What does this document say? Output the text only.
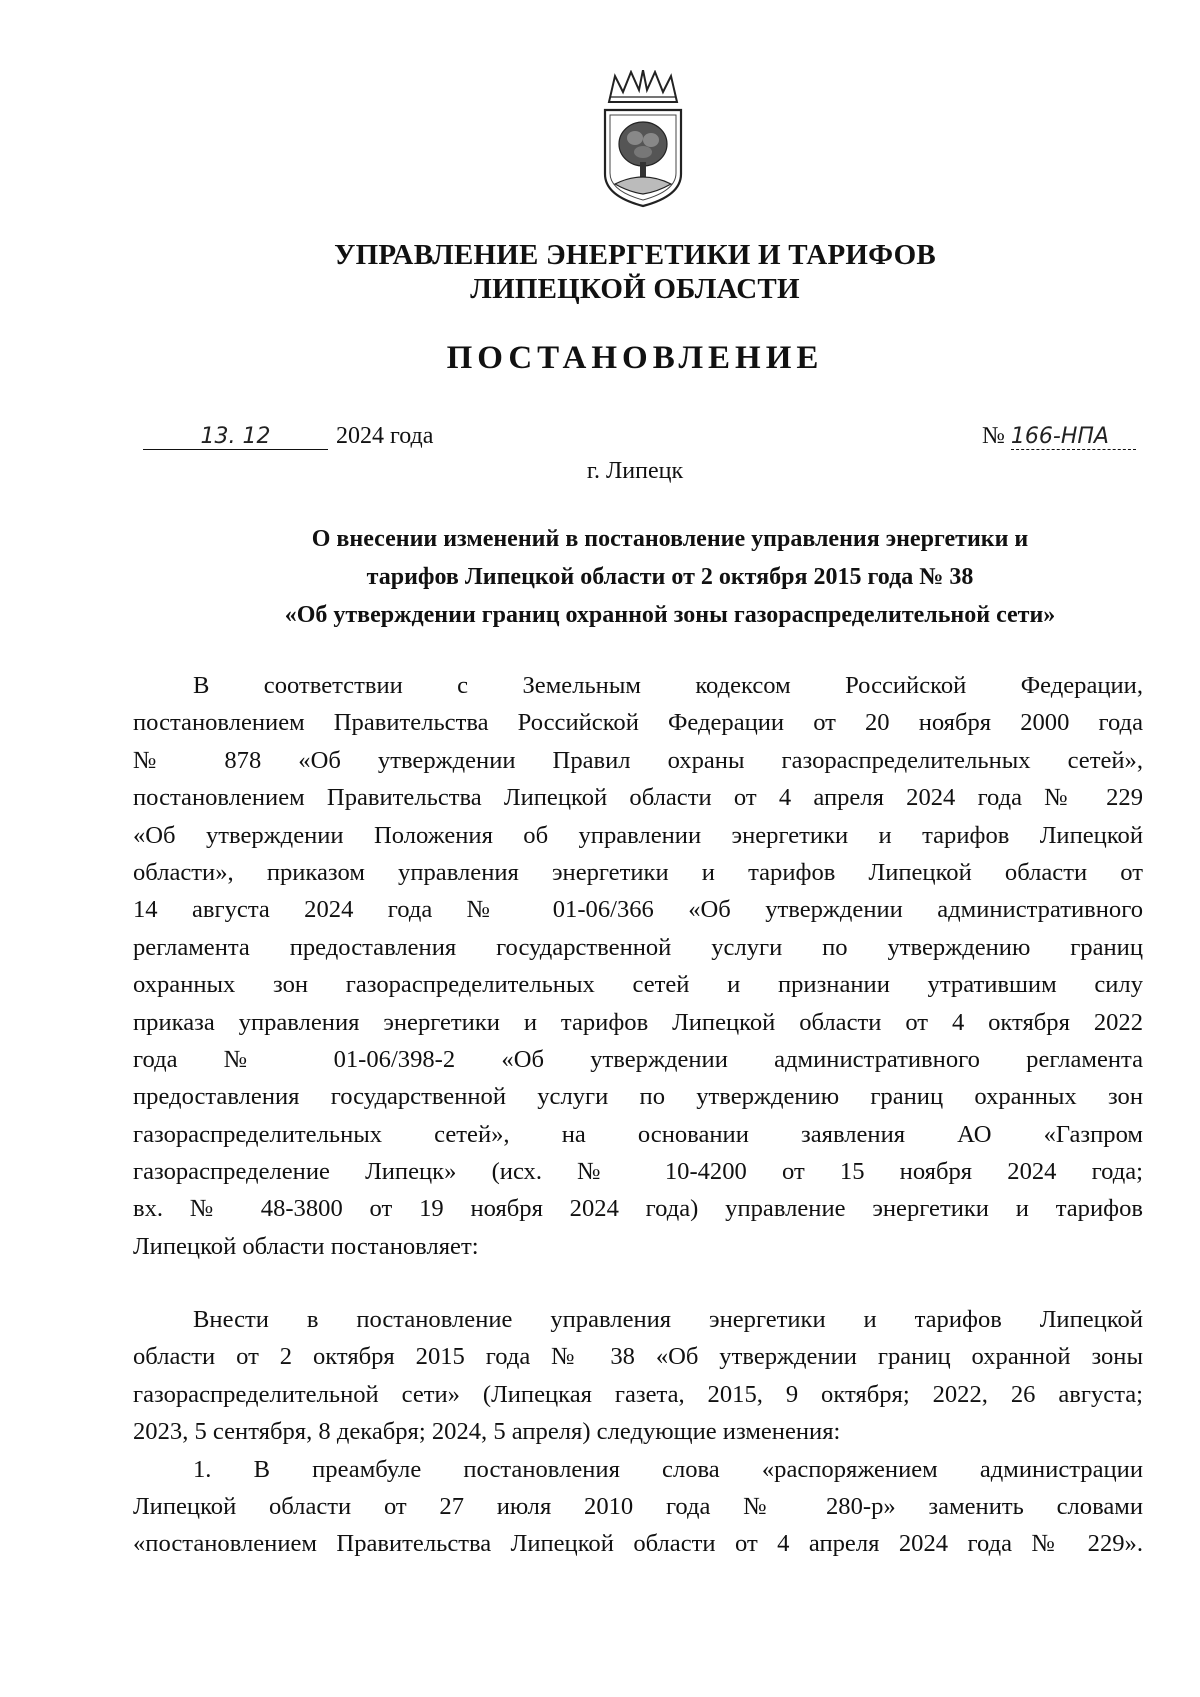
УПРАВЛЕНИЕ ЭНЕРГЕТИКИ И ТАРИФОВ
ЛИПЕЦКОЙ ОБЛАСТИ
ПОСТАНОВЛЕНИЕ
13. 12	2024 года	№ 166-НПА
г. Липецк
О внесении изменений в постановление управления энергетики и
тарифов Липецкой области от 2 октября 2015 года № 38
«Об утверждении границ охранной зоны газораспределительной сети»
В соответствии с Земельным кодексом Российской Федерации,
постановлением Правительства Российской Федерации от 20 ноября 2000 года
№ 878 «Об утверждении Правил охраны газораспределительных сетей»,
постановлением Правительства Липецкой области от 4 апреля 2024 года № 229
«Об утверждении Положения об управлении энергетики и тарифов Липецкой
области», приказом управления энергетики и тарифов Липецкой области от
14 августа 2024 года № 01-06/366 «Об утверждении административного
регламента предоставления государственной услуги по утверждению границ
охранных зон газораспределительных сетей и признании утратившим силу
приказа управления энергетики и тарифов Липецкой области от 4 октября 2022
года № 01-06/398-2 «Об утверждении административного регламента
предоставления государственной услуги по утверждению границ охранных зон
газораспределительных сетей», на основании заявления АО «Газпром
газораспределение Липецк» (исх. № 10-4200 от 15 ноября 2024 года;
вх. № 48-3800 от 19 ноября 2024 года) управление энергетики и тарифов
Липецкой области постановляет:
Внести в постановление управления энергетики и тарифов Липецкой
области от 2 октября 2015 года № 38 «Об утверждении границ охранной зоны
газораспределительной сети» (Липецкая газета, 2015, 9 октября; 2022, 26 августа;
2023, 5 сентября, 8 декабря; 2024, 5 апреля) следующие изменения:
1. В преамбуле постановления слова «распоряжением администрации
Липецкой области от 27 июля 2010 года № 280-р» заменить словами
«постановлением Правительства Липецкой области от 4 апреля 2024 года № 229».
